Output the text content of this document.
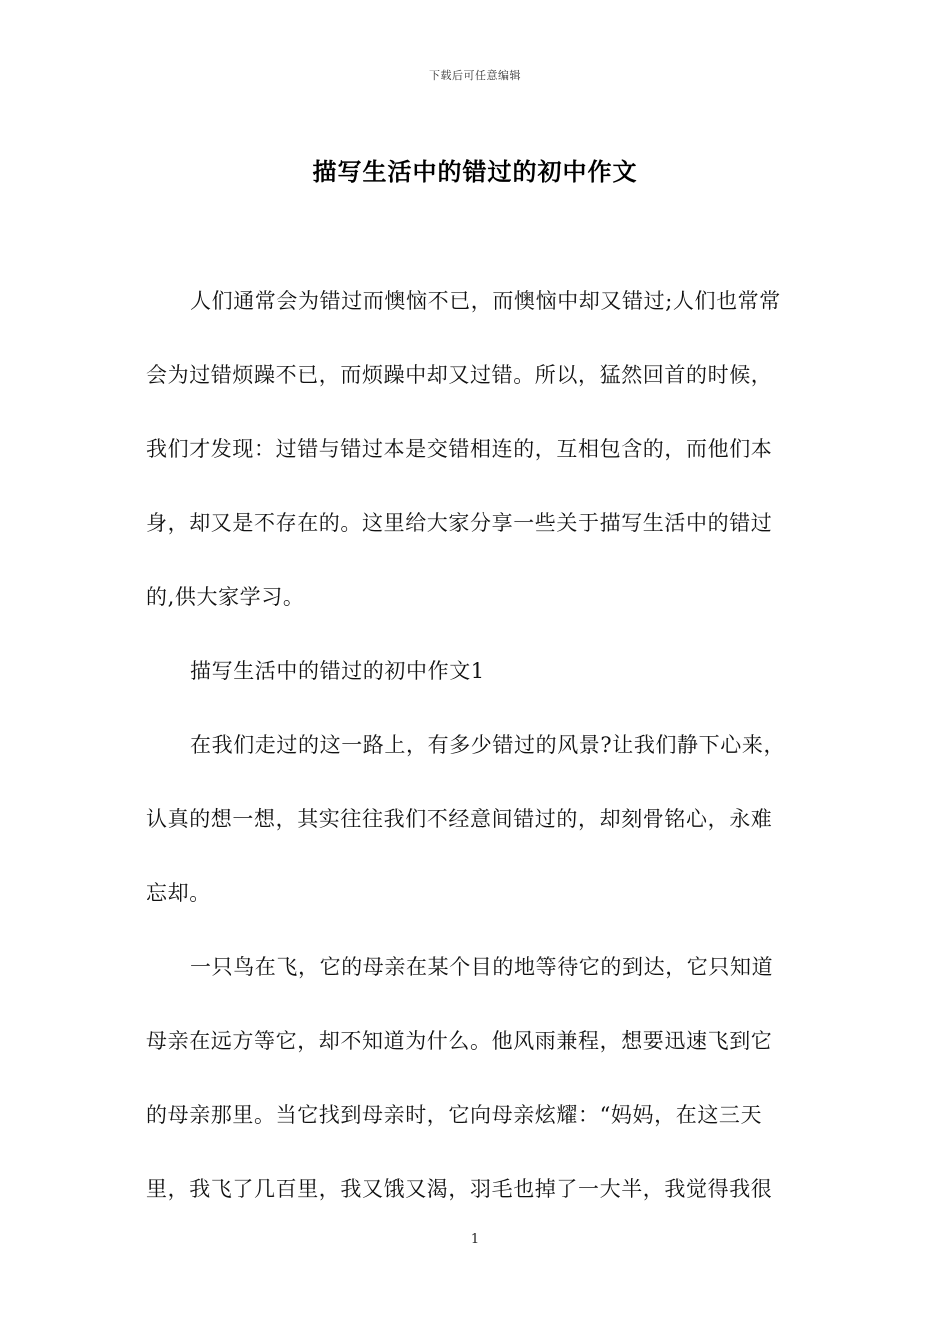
下载后可任意编辑
描写生活中的错过的初中作文
人们通常会为错过而懊恼不已，而懊恼中却又错过;人们也常常
会为过错烦躁不已，而烦躁中却又过错。所以，猛然回首的时候，
我们才发现：过错与错过本是交错相连的，互相包含的，而他们本
身，却又是不存在的。这里给大家分享一些关于描写生活中的错过
的,供大家学习。
描写生活中的错过的初中作文1
在我们走过的这一路上，有多少错过的风景?让我们静下心来，
认真的想一想，其实往往我们不经意间错过的，却刻骨铭心，永难
忘却。
一只鸟在飞，它的母亲在某个目的地等待它的到达，它只知道
母亲在远方等它，却不知道为什么。他风雨兼程，想要迅速飞到它
的母亲那里。当它找到母亲时，它向母亲炫耀：“妈妈，在这三天
里，我飞了几百里，我又饿又渴，羽毛也掉了一大半，我觉得我很
1
